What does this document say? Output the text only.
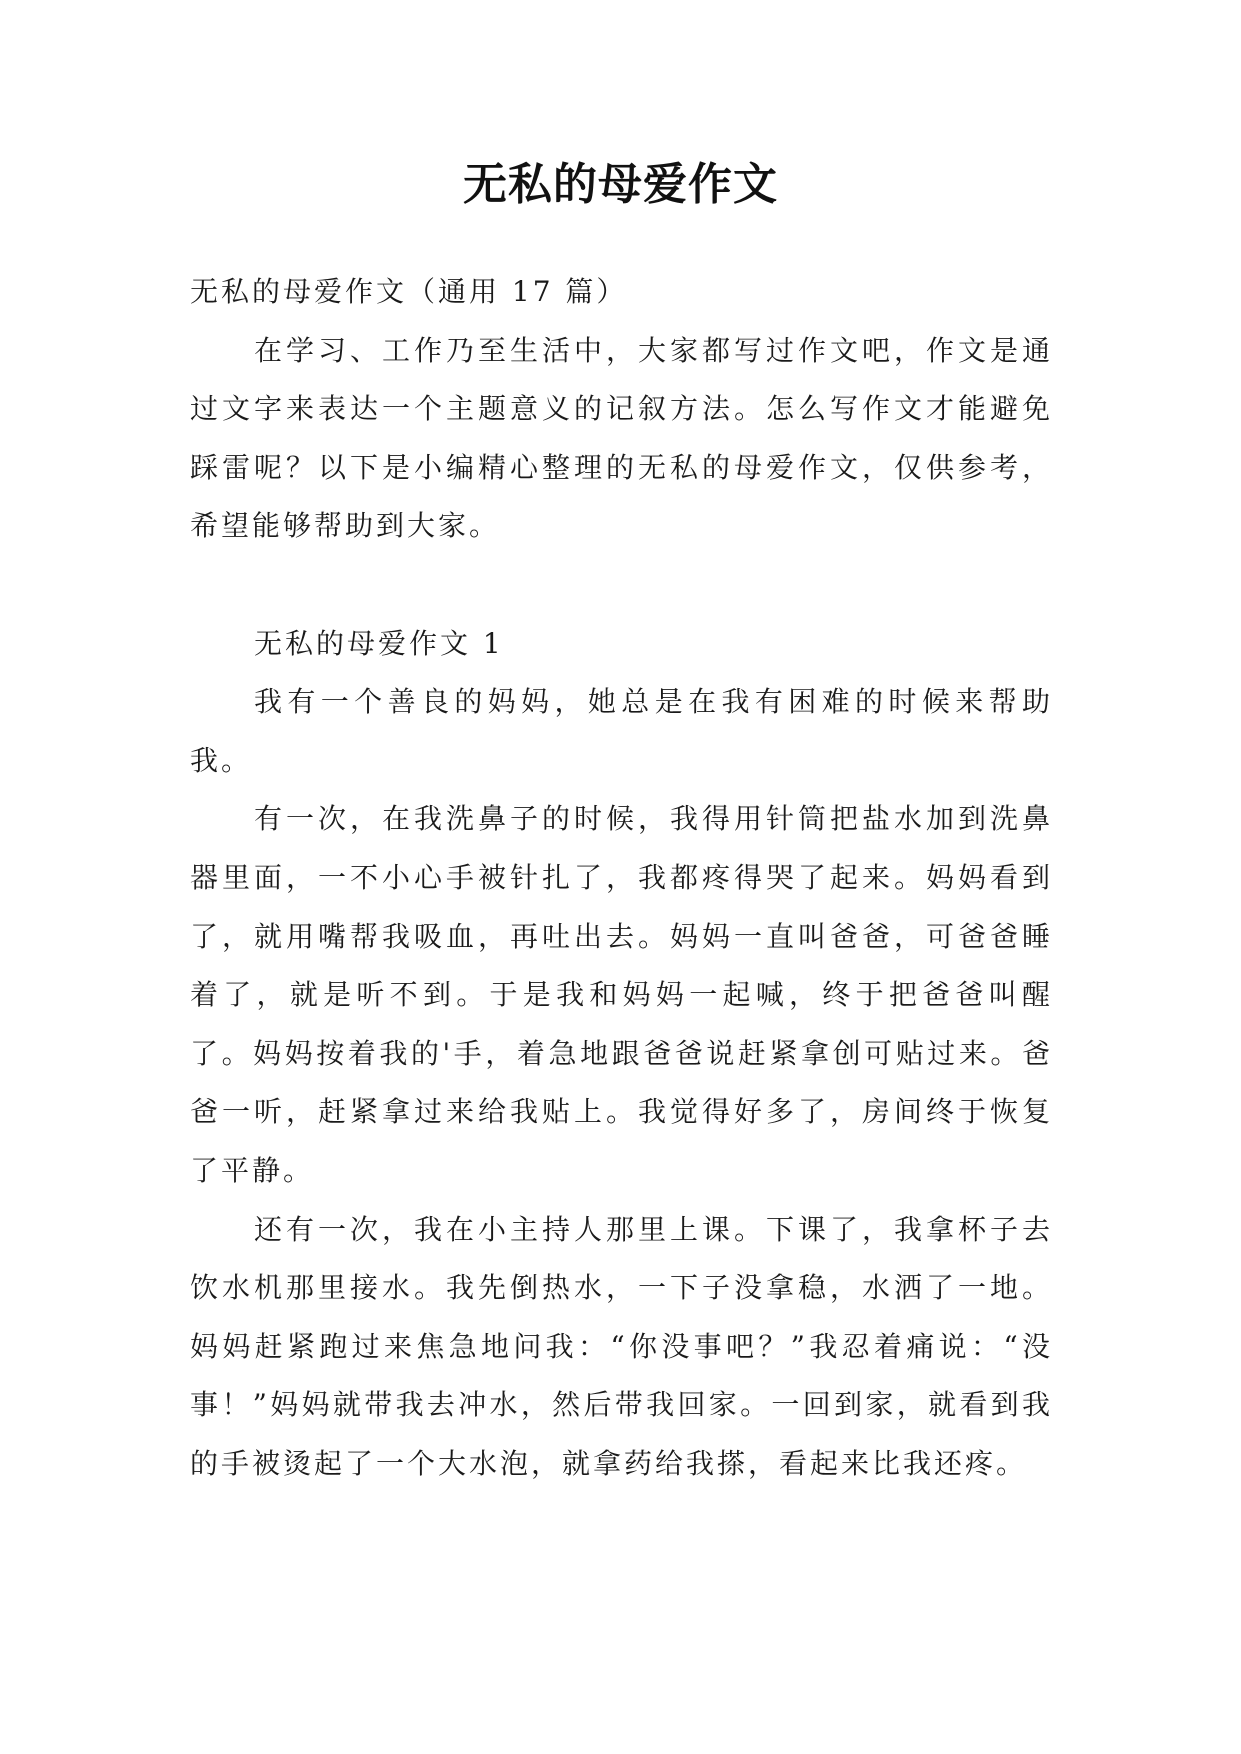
无私的母爱作文

无私的母爱作文（通用 17 篇）

在学习、工作乃至生活中，大家都写过作文吧，作文是通过文字来表达一个主题意义的记叙方法。怎么写作文才能避免踩雷呢？以下是小编精心整理的无私的母爱作文，仅供参考，希望能够帮助到大家。

无私的母爱作文 1

我有一个善良的妈妈，她总是在我有困难的时候来帮助我。

有一次，在我洗鼻子的时候，我得用针筒把盐水加到洗鼻器里面，一不小心手被针扎了，我都疼得哭了起来。妈妈看到了，就用嘴帮我吸血，再吐出去。妈妈一直叫爸爸，可爸爸睡着了，就是听不到。于是我和妈妈一起喊，终于把爸爸叫醒了。妈妈按着我的'手，着急地跟爸爸说赶紧拿创可贴过来。爸爸一听，赶紧拿过来给我贴上。我觉得好多了，房间终于恢复了平静。

还有一次，我在小主持人那里上课。下课了，我拿杯子去饮水机那里接水。我先倒热水，一下子没拿稳，水洒了一地。妈妈赶紧跑过来焦急地问我：“你没事吧？”我忍着痛说：“没事！”妈妈就带我去冲水，然后带我回家。一回到家，就看到我的手被烫起了一个大水泡，就拿药给我搽，看起来比我还疼。
